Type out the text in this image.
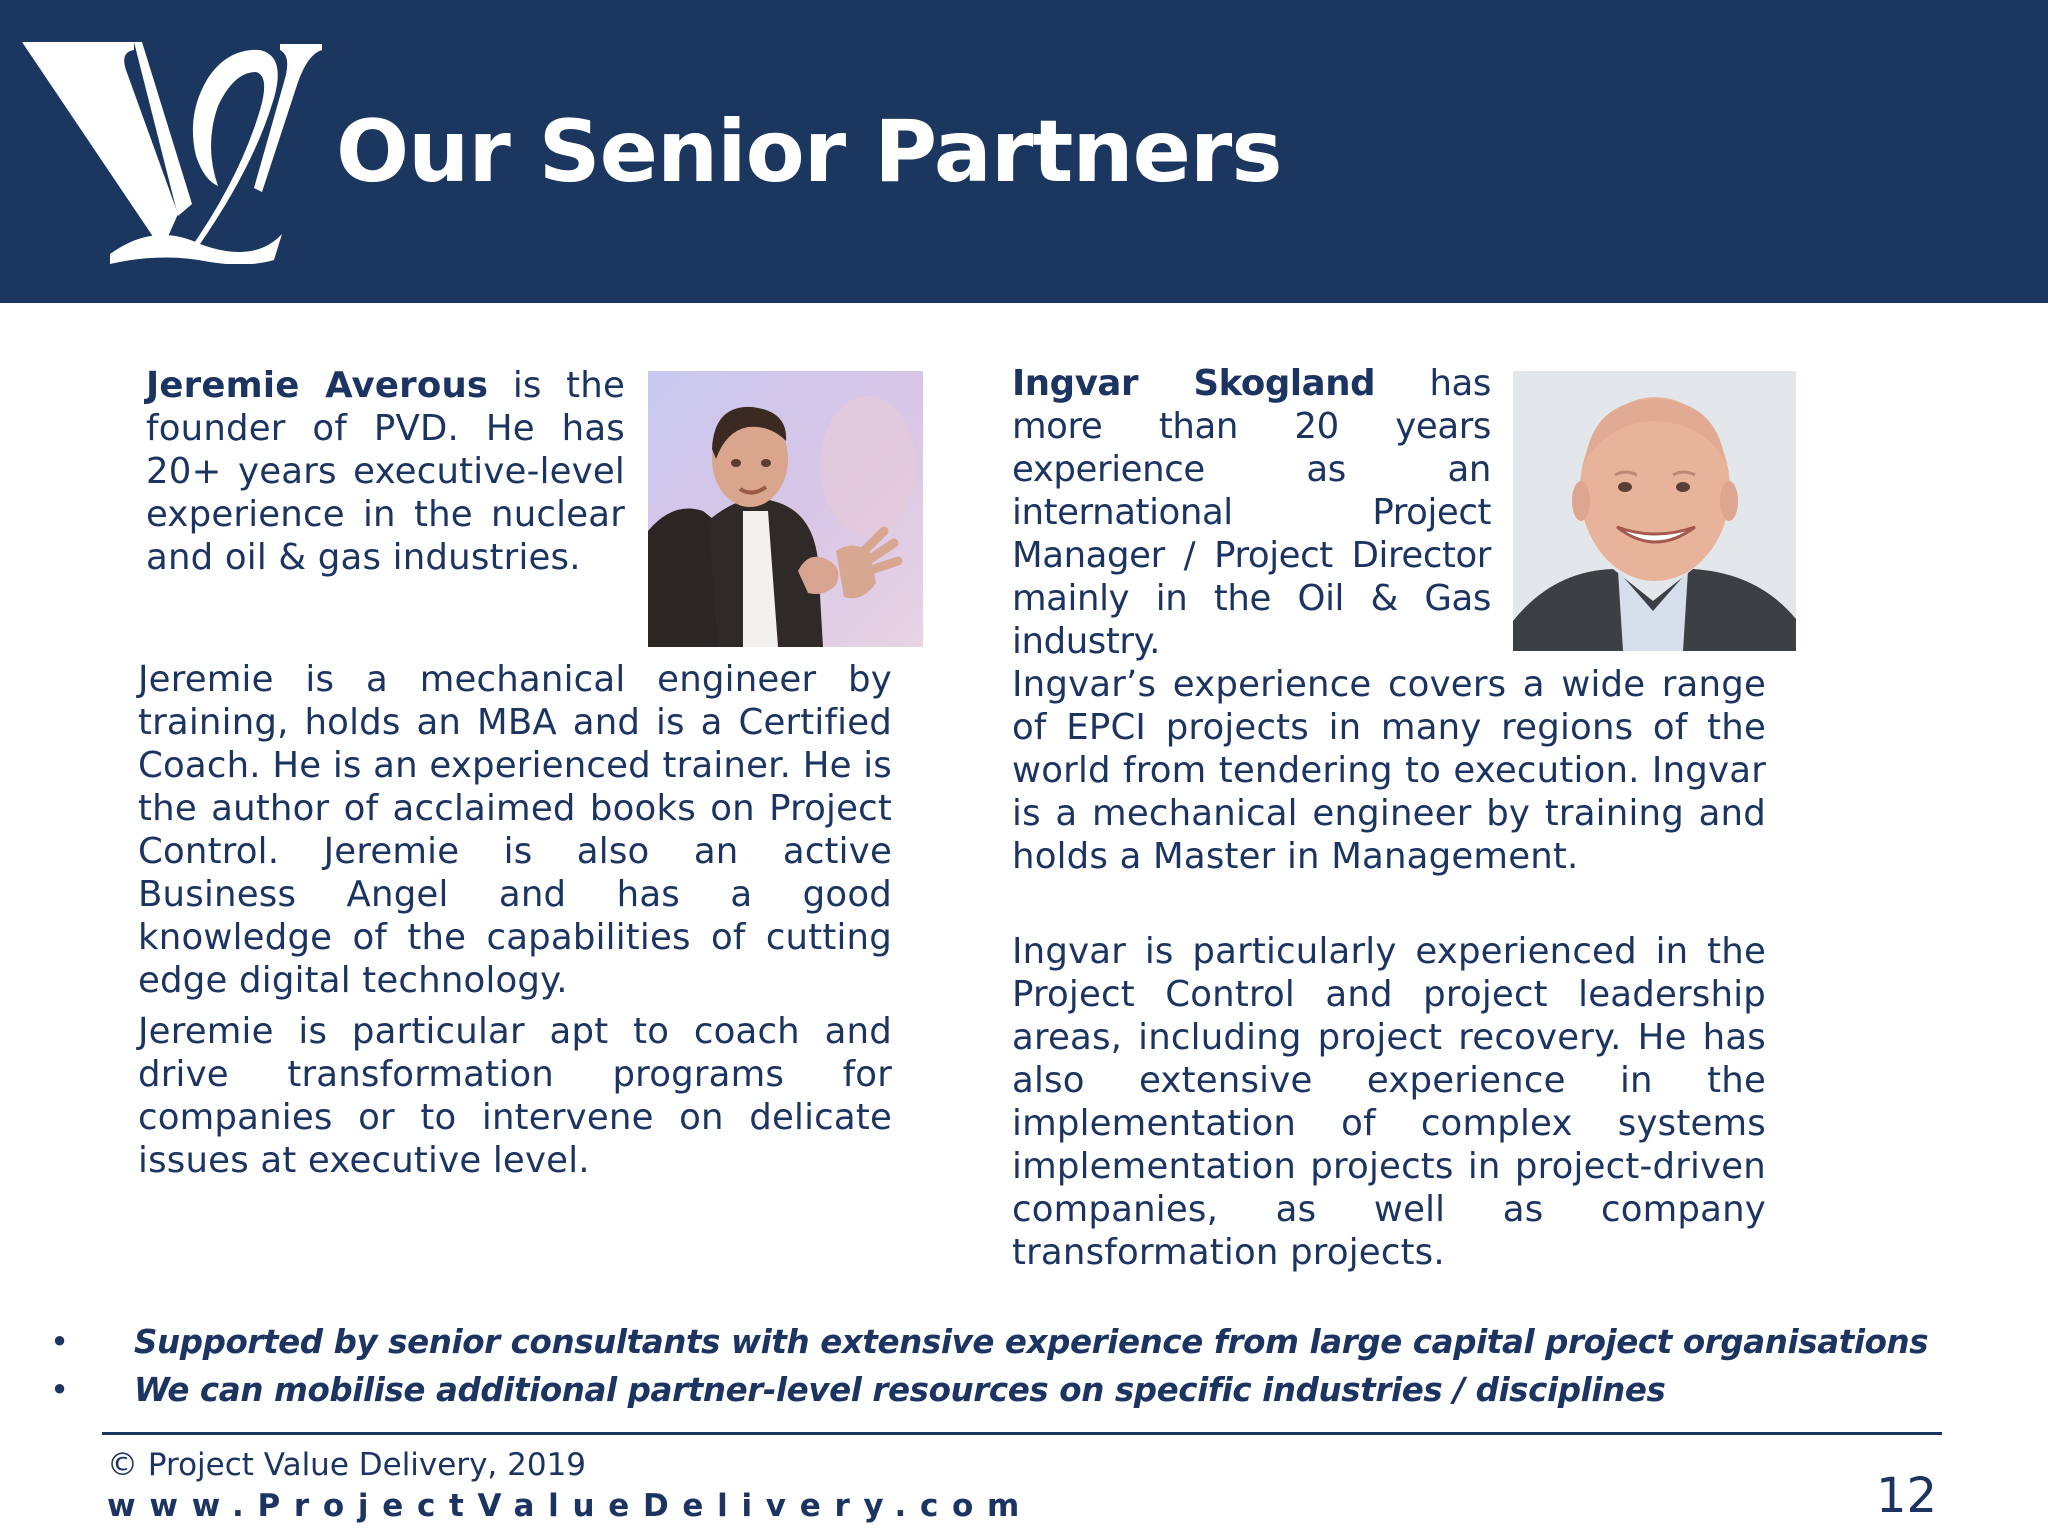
Our Senior Partners

Jeremie Averous is the founder of PVD. He has 20+ years executive-level experience in the nuclear and oil & gas industries.

Jeremie is a mechanical engineer by training, holds an MBA and is a Certified Coach. He is an experienced trainer. He is the author of acclaimed books on Project Control. Jeremie is also an active Business Angel and has a good knowledge of the capabilities of cutting edge digital technology.

Jeremie is particular apt to coach and drive transformation programs for companies or to intervene on delicate issues at executive level.

Ingvar Skogland has more than 20 years experience as an international Project Manager / Project Director mainly in the Oil & Gas industry.

Ingvar’s experience covers a wide range of EPCI projects in many regions of the world from tendering to execution. Ingvar is a mechanical engineer by training and holds a Master in Management.

Ingvar is particularly experienced in the Project Control and project leadership areas, including project recovery. He has also extensive experience in the implementation of complex systems implementation projects in project-driven companies, as well as company transformation projects.

• Supported by senior consultants with extensive experience from large capital project organisations
• We can mobilise additional partner-level resources on specific industries / disciplines

© Project Value Delivery, 2019

www.ProjectValueDelivery.com	12
